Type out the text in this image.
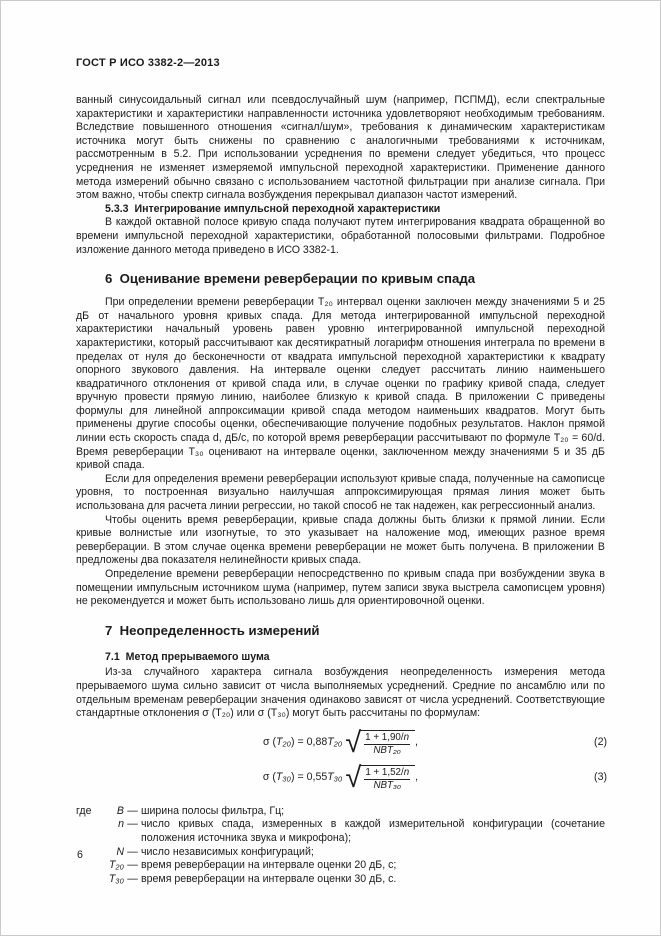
ГОСТ Р ИСО 3382-2—2013

ванный синусоидальный сигнал или псевдослучайный шум (например, ПСПМД), если спектральные характеристики и характеристики направленности источника удовлетворяют необходимым требованиям. Вследствие повышенного отношения «сигнал/шум», требования к динамическим характеристикам источника могут быть снижены по сравнению с аналогичными требованиями к источникам, рассмотренным в 5.2. При использовании усреднения по времени следует убедиться, что процесс усреднения не изменяет измеряемой импульсной переходной характеристики. Применение данного метода измерений обычно связано с использованием частотной фильтрации при анализе сигнала. При этом важно, чтобы спектр сигнала возбуждения перекрывал диапазон частот измерений.

5.3.3  Интегрирование импульсной переходной характеристики

В каждой октавной полосе кривую спада получают путем интегрирования квадрата обращенной во времени импульсной переходной характеристики, обработанной полосовыми фильтрами. Подробное изложение данного метода приведено в ИСО 3382-1.

6  Оценивание времени реверберации по кривым спада

При определении времени реверберации T₂₀ интервал оценки заключен между значениями 5 и 25 дБ от начального уровня кривых спада. Для метода интегрированной импульсной переходной характеристики начальный уровень равен уровню интегрированной импульсной переходной характеристики, который рассчитывают как десятикратный логарифм отношения интеграла по времени в пределах от нуля до бесконечности от квадрата импульсной переходной характеристики к квадрату опорного звукового давления. На интервале оценки следует рассчитать линию наименьшего квадратичного отклонения от кривой спада или, в случае оценки по графику кривой спада, следует вручную провести прямую линию, наиболее близкую к кривой спада. В приложении С приведены формулы для линейной аппроксимации кривой спада методом наименьших квадратов. Могут быть применены другие способы оценки, обеспечивающие получение подобных результатов. Наклон прямой линии есть скорость спада d, дБ/с, по которой время реверберации рассчитывают по формуле T₂₀ = 60/d. Время реверберации T₃₀ оценивают на интервале оценки, заключенном между значениями 5 и 35 дБ кривой спада.

Если для определения времени реверберации используют кривые спада, полученные на самописце уровня, то построенная визуально наилучшая аппроксимирующая прямая линия может быть использована для расчета линии регрессии, но такой способ не так надежен, как регрессионный анализ.

Чтобы оценить время реверберации, кривые спада должны быть близки к прямой линии. Если кривые волнистые или изогнутые, то это указывает на наложение мод, имеющих разное время реверберации. В этом случае оценка времени реверберации не может быть получена. В приложении В предложены два показателя нелинейности кривых спада.

Определение времени реверберации непосредственно по кривым спада при возбуждении звука в помещении импульсным источником шума (например, путем записи звука выстрела самописцем уровня) не рекомендуется и может быть использовано лишь для ориентировочной оценки.

7  Неопределенность измерений

7.1  Метод прерываемого шума

Из-за случайного характера сигнала возбуждения неопределенность измерения метода прерываемого шума сильно зависит от числа выполняемых усреднений. Средние по ансамблю или по отдельным временам реверберации значения одинаково зависят от числа усреднений. Соответствующие стандартные отклонения σ (T₂₀) или σ (T₃₀) могут быть рассчитаны по формулам:

σ ( T₂₀ ) = 0,88 T₂₀ √ 1 + 1,90/n
NBT₂₀
,	(2)
σ ( T₃₀ ) = 0,55 T₃₀ √ 1 + 1,52/n
NBT₃₀
,	(3)
где	B — ширина полосы фильтра, Гц;
n — число кривых спада, измеренных в каждой измерительной конфигурации (сочетание положения источника звука и микрофона);
N — число независимых конфигураций;
T₂₀ — время реверберации на интервале оценки 20 дБ, с;
T₃₀ — время реверберации на интервале оценки 30 дБ, с.
6
